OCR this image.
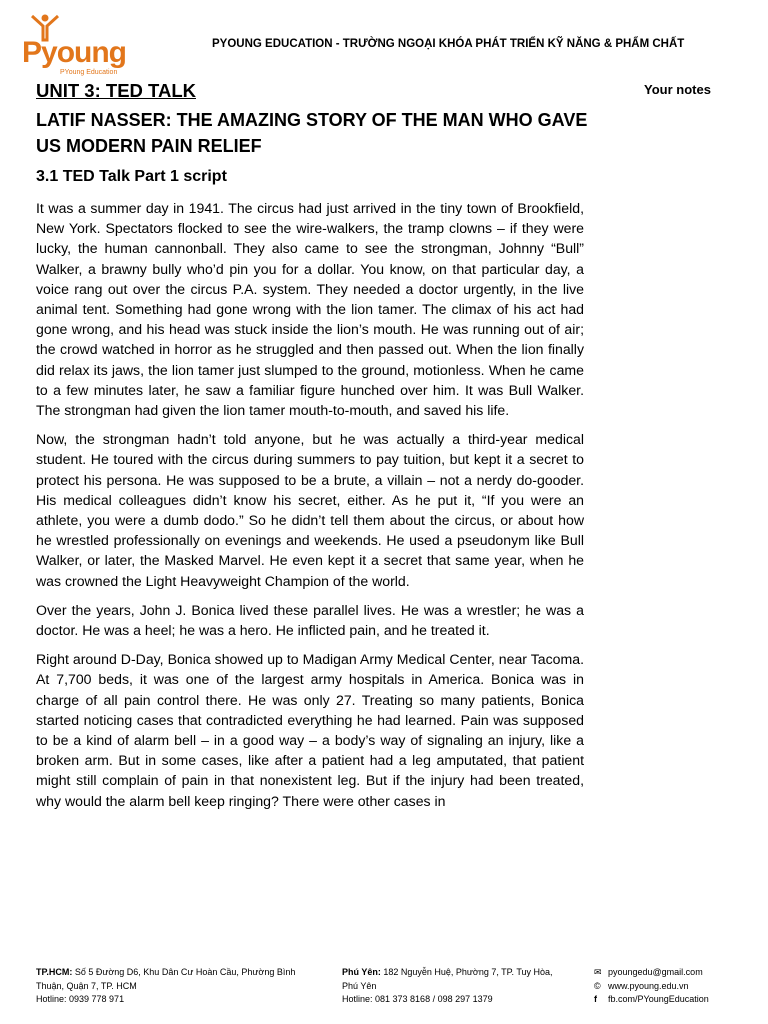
Pyoung
PYoung Education
PYOUNG EDUCATION - TRƯỜNG NGOẠI KHÓA PHÁT TRIỂN KỸ NĂNG & PHẨM CHẤT
Your notes
UNIT 3: TED TALK
LATIF NASSER: THE AMAZING STORY OF THE MAN WHO GAVE US MODERN PAIN RELIEF
3.1 TED Talk Part 1 script

It was a summer day in 1941. The circus had just arrived in the tiny town of Brookfield, New York. Spectators flocked to see the wire-walkers, the tramp clowns – if they were lucky, the human cannonball. They also came to see the strongman, Johnny “Bull” Walker, a brawny bully who’d pin you for a dollar. You know, on that particular day, a voice rang out over the circus P.A. system. They needed a doctor urgently, in the live animal tent. Something had gone wrong with the lion tamer. The climax of his act had gone wrong, and his head was stuck inside the lion’s mouth. He was running out of air; the crowd watched in horror as he struggled and then passed out. When the lion finally did relax its jaws, the lion tamer just slumped to the ground, motionless. When he came to a few minutes later, he saw a familiar figure hunched over him. It was Bull Walker. The strongman had given the lion tamer mouth-to-mouth, and saved his life.

Now, the strongman hadn’t told anyone, but he was actually a third-year medical student. He toured with the circus during summers to pay tuition, but kept it a secret to protect his persona. He was supposed to be a brute, a villain – not a nerdy do-gooder. His medical colleagues didn’t know his secret, either. As he put it, “If you were an athlete, you were a dumb dodo.” So he didn’t tell them about the circus, or about how he wrestled professionally on evenings and weekends. He used a pseudonym like Bull Walker, or later, the Masked Marvel. He even kept it a secret that same year, when he was crowned the Light Heavyweight Champion of the world.

Over the years, John J. Bonica lived these parallel lives. He was a wrestler; he was a doctor. He was a heel; he was a hero. He inflicted pain, and he treated it.

Right around D-Day, Bonica showed up to Madigan Army Medical Center, near Tacoma. At 7,700 beds, it was one of the largest army hospitals in America. Bonica was in charge of all pain control there. He was only 27. Treating so many patients, Bonica started noticing cases that contradicted everything he had learned. Pain was supposed to be a kind of alarm bell – in a good way – a body’s way of signaling an injury, like a broken arm. But in some cases, like after a patient had a leg amputated, that patient might still complain of pain in that nonexistent leg. But if the injury had been treated, why would the alarm bell keep ringing? There were other cases in

TP.HCM: Số 5 Đường D6, Khu Dân Cư Hoàn Cầu, Phường Bình Thuận, Quận 7, TP. HCM
Hotline: 0939 778 971
Phú Yên: 182 Nguyễn Huệ, Phường 7, TP. Tuy Hòa, Phú Yên
Hotline: 081 373 8168 / 098 297 1379
✉ pyoungedu@gmail.com
© www.pyoung.edu.vn
f	fb.com/PYoungEducation
